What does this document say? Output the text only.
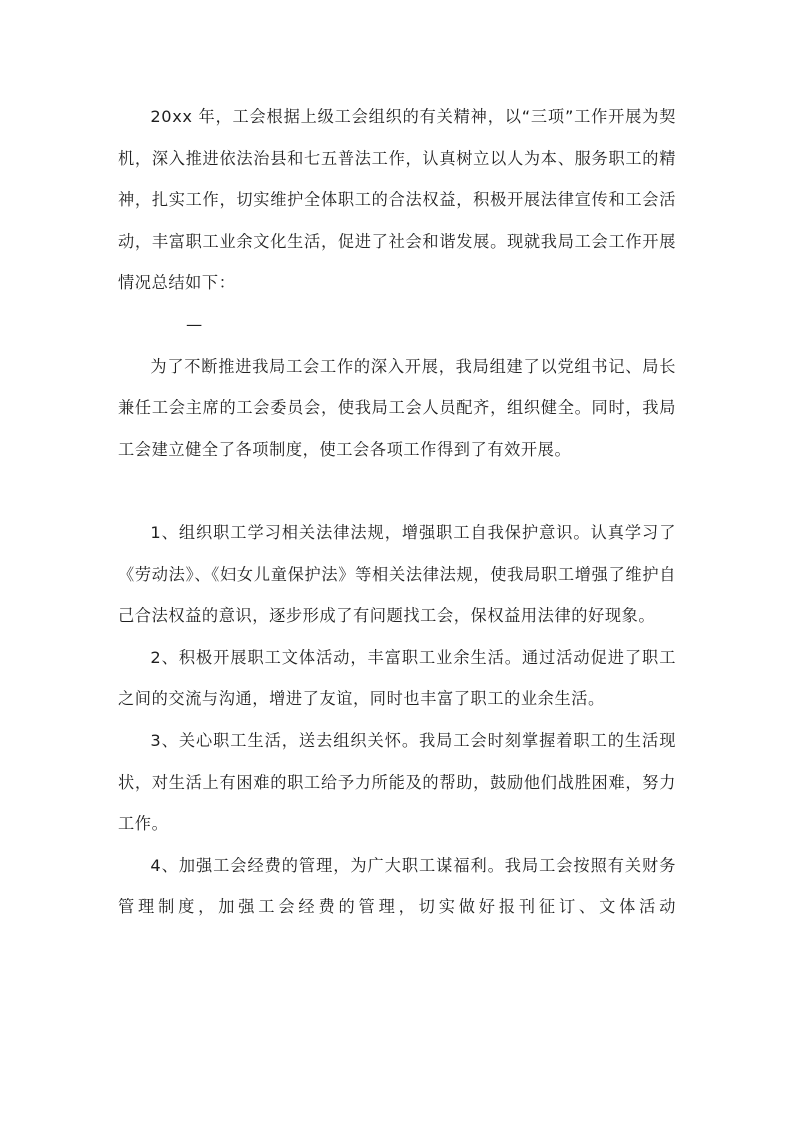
20xx 年，工会根据上级工会组织的有关精神，以“三项”工作开展为契机，深入推进依法治县和七五普法工作，认真树立以人为本、服务职工的精神，扎实工作，切实维护全体职工的合法权益，积极开展法律宣传和工会活动，丰富职工业余文化生活，促进了社会和谐发展。现就我局工会工作开展情况总结如下：

—

为了不断推进我局工会工作的深入开展，我局组建了以党组书记、局长兼任工会主席的工会委员会，使我局工会人员配齐，组织健全。同时，我局工会建立健全了各项制度，使工会各项工作得到了有效开展。

1、组织职工学习相关法律法规，增强职工自我保护意识。认真学习了《劳动法》、《妇女儿童保护法》等相关法律法规，使我局职工增强了维护自己合法权益的意识，逐步形成了有问题找工会，保权益用法律的好现象。

2、积极开展职工文体活动，丰富职工业余生活。通过活动促进了职工之间的交流与沟通，增进了友谊，同时也丰富了职工的业余生活。

3、关心职工生活，送去组织关怀。我局工会时刻掌握着职工的生活现状，对生活上有困难的职工给予力所能及的帮助，鼓励他们战胜困难，努力工作。

4、加强工会经费的管理，为广大职工谋福利。我局工会按照有关财务管理制度，加强工会经费的管理，切实做好报刊征订、文体活动
